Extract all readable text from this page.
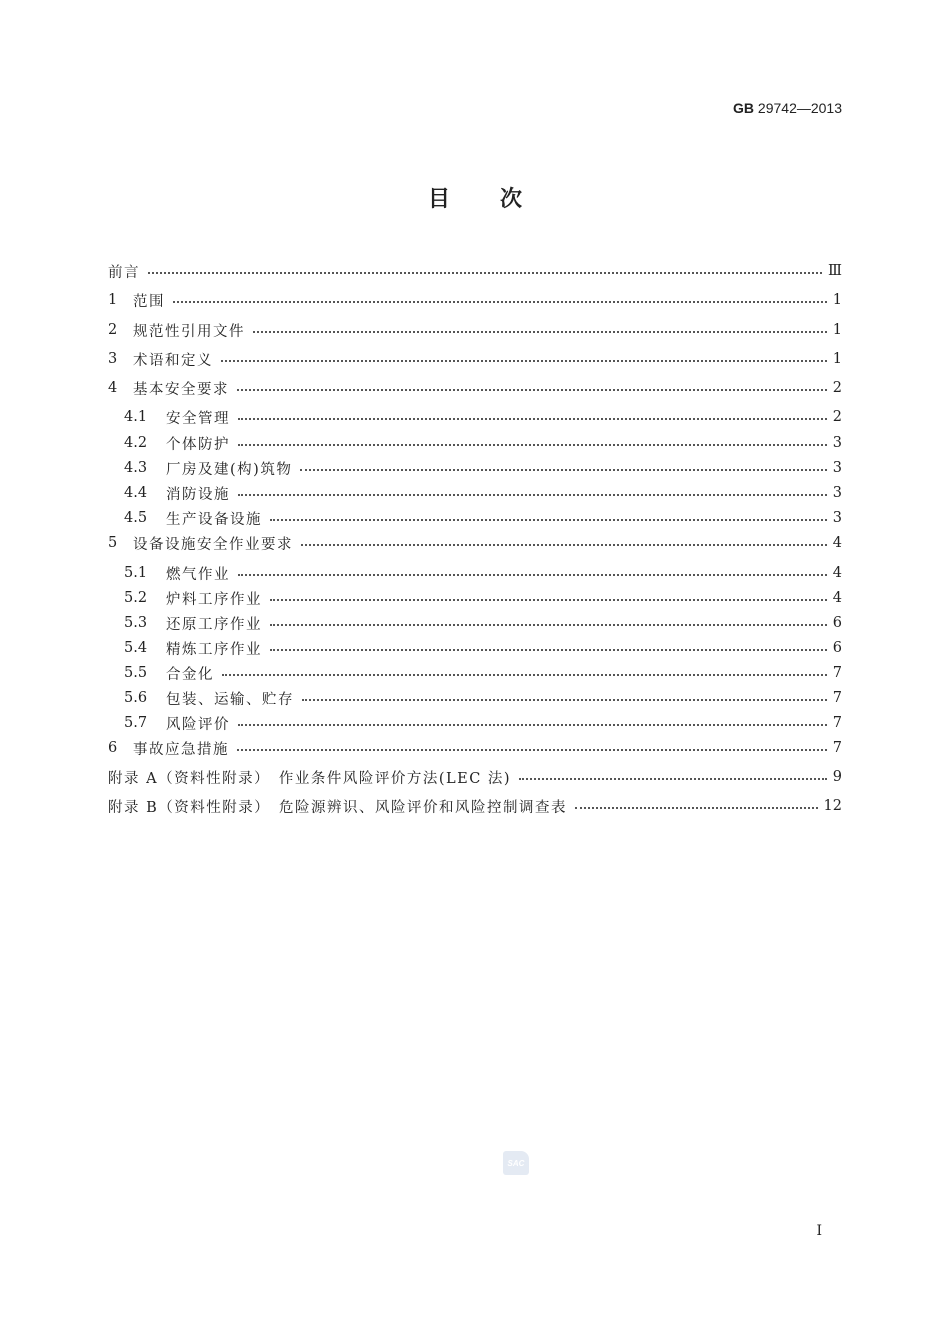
GB 29742—2013
目次
前言	Ⅲ
1	范围	1
2	规范性引用文件	1
3	术语和定义	1
4	基本安全要求	2
4.1	安全管理	2
4.2	个体防护	3
4.3	厂房及建(构)筑物	3
4.4	消防设施	3
4.5	生产设备设施	3
5	设备设施安全作业要求	4
5.1	燃气作业	4
5.2	炉料工序作业	4
5.3	还原工序作业	6
5.4	精炼工序作业	6
5.5	合金化	7
5.6	包装、运输、贮存	7
5.7	风险评价	7
6	事故应急措施	7
附录 A（资料性附录）　作业条件风险评价方法(LEC 法)	9
附录 B（资料性附录）　危险源辨识、风险评价和风险控制调查表	12
SAC
I
